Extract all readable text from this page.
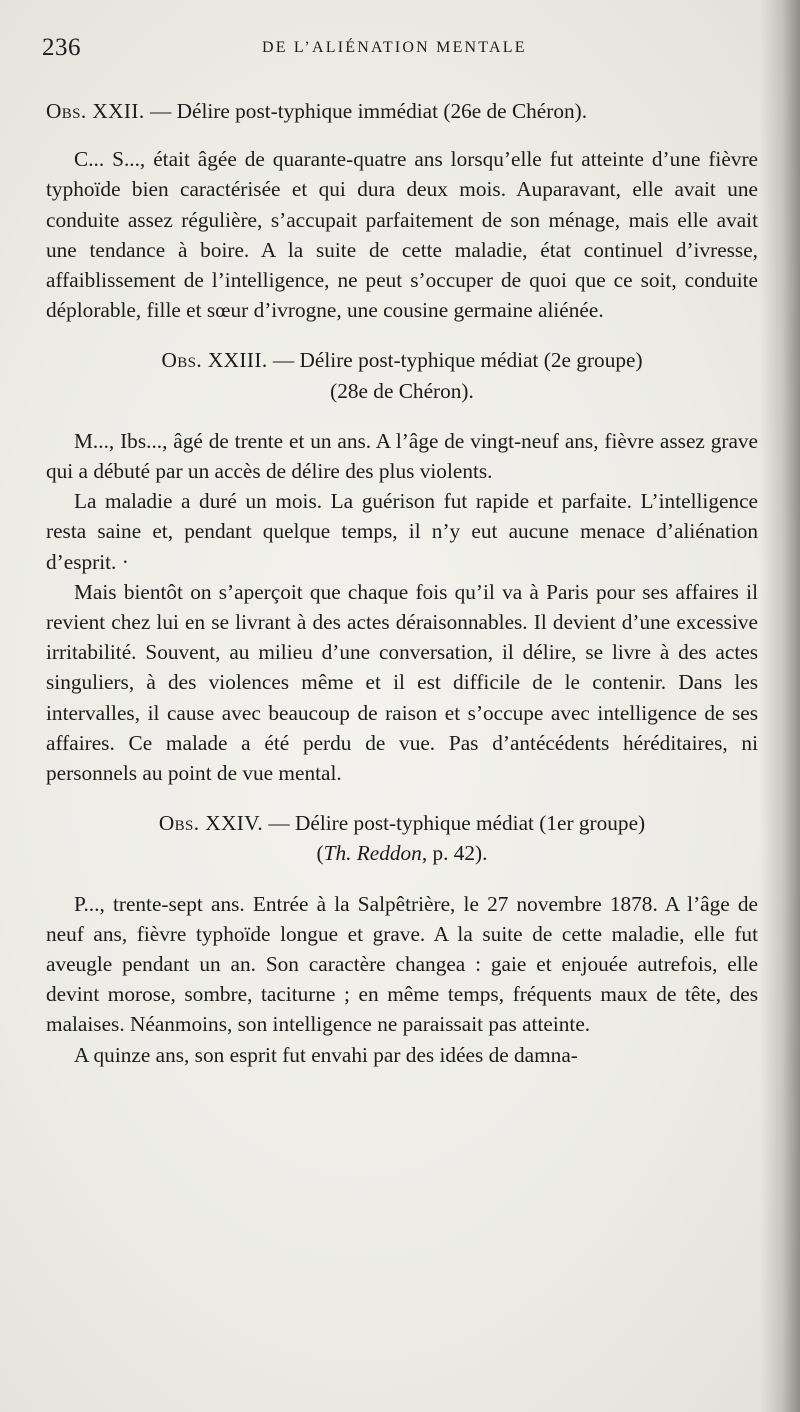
236	DE L’ALIÉNATION MENTALE
Obs. XXII. — Délire post-typhique immédiat (26e de Chéron).

C... S..., était âgée de quarante-quatre ans lorsqu’elle fut atteinte d’une fièvre typhoïde bien caractérisée et qui dura deux mois. Auparavant, elle avait une conduite assez régulière, s’accupait parfaitement de son ménage, mais elle avait une tendance à boire. A la suite de cette maladie, état continuel d’ivresse, affaiblissement de l’intelligence, ne peut s’occuper de quoi que ce soit, conduite déplorable, fille et sœur d’ivrogne, une cousine germaine aliénée.

Obs. XXIII. — Délire post-typhique médiat (2e groupe)
(28e de Chéron).

M..., Ibs..., âgé de trente et un ans. A l’âge de vingt-neuf ans, fièvre assez grave qui a débuté par un accès de délire des plus violents.

La maladie a duré un mois. La guérison fut rapide et parfaite. L’intelligence resta saine et, pendant quelque temps, il n’y eut aucune menace d’aliénation d’esprit. ·

Mais bientôt on s’aperçoit que chaque fois qu’il va à Paris pour ses affaires il revient chez lui en se livrant à des actes déraisonnables. Il devient d’une excessive irritabilité. Souvent, au milieu d’une conversation, il délire, se livre à des actes singuliers, à des violences même et il est difficile de le contenir. Dans les intervalles, il cause avec beaucoup de raison et s’occupe avec intelligence de ses affaires. Ce malade a été perdu de vue. Pas d’antécédents héréditaires, ni personnels au point de vue mental.

Obs. XXIV. — Délire post-typhique médiat (1er groupe)
(Th. Reddon, p. 42).

P..., trente-sept ans. Entrée à la Salpêtrière, le 27 novembre 1878. A l’âge de neuf ans, fièvre typhoïde longue et grave. A la suite de cette maladie, elle fut aveugle pendant un an. Son caractère changea : gaie et enjouée autrefois, elle devint morose, sombre, taciturne ; en même temps, fréquents maux de tête, des malaises. Néanmoins, son intelligence ne paraissait pas atteinte.

A quinze ans, son esprit fut envahi par des idées de damna-
